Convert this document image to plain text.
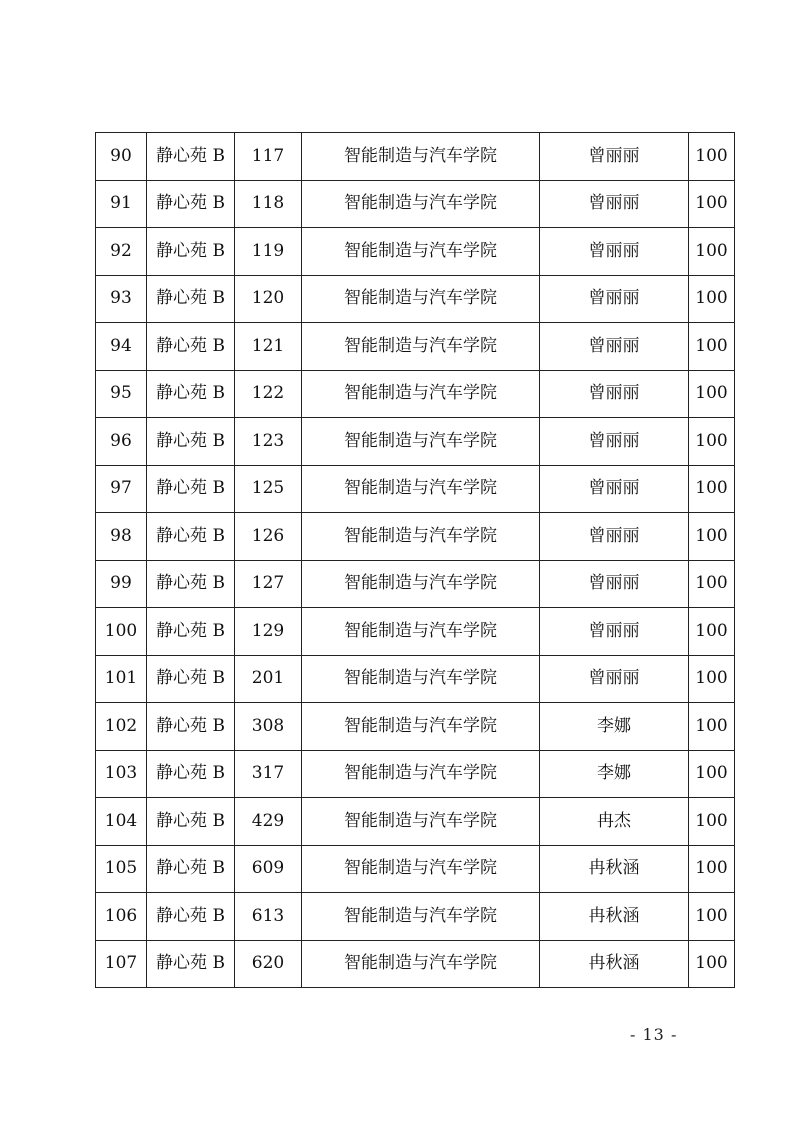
90	静心苑 B	117	智能制造与汽车学院	曾丽丽	100
91	静心苑 B	118	智能制造与汽车学院	曾丽丽	100
92	静心苑 B	119	智能制造与汽车学院	曾丽丽	100
93	静心苑 B	120	智能制造与汽车学院	曾丽丽	100
94	静心苑 B	121	智能制造与汽车学院	曾丽丽	100
95	静心苑 B	122	智能制造与汽车学院	曾丽丽	100
96	静心苑 B	123	智能制造与汽车学院	曾丽丽	100
97	静心苑 B	125	智能制造与汽车学院	曾丽丽	100
98	静心苑 B	126	智能制造与汽车学院	曾丽丽	100
99	静心苑 B	127	智能制造与汽车学院	曾丽丽	100
100	静心苑 B	129	智能制造与汽车学院	曾丽丽	100
101	静心苑 B	201	智能制造与汽车学院	曾丽丽	100
102	静心苑 B	308	智能制造与汽车学院	李娜	100
103	静心苑 B	317	智能制造与汽车学院	李娜	100
104	静心苑 B	429	智能制造与汽车学院	冉杰	100
105	静心苑 B	609	智能制造与汽车学院	冉秋涵	100
106	静心苑 B	613	智能制造与汽车学院	冉秋涵	100
107	静心苑 B	620	智能制造与汽车学院	冉秋涵	100
- 13 -
